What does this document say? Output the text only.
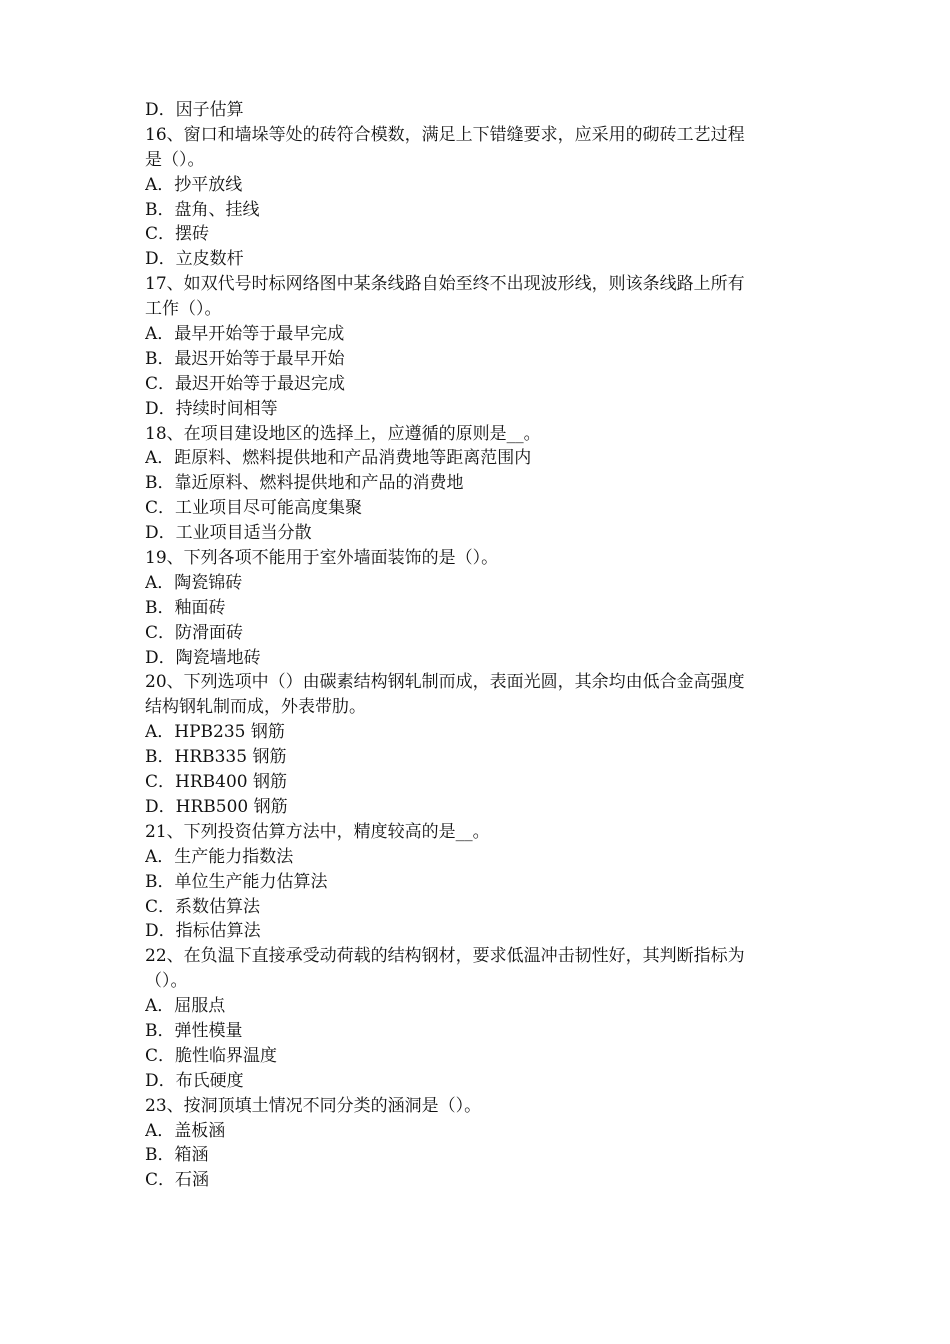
D．因子估算
16、窗口和墙垛等处的砖符合模数，满足上下错缝要求，应采用的砌砖工艺过程
是（）。
A．抄平放线
B．盘角、挂线
C．摆砖
D．立皮数杆
17、如双代号时标网络图中某条线路自始至终不出现波形线，则该条线路上所有
工作（）。
A．最早开始等于最早完成
B．最迟开始等于最早开始
C．最迟开始等于最迟完成
D．持续时间相等
18、在项目建设地区的选择上，应遵循的原则是__。
A．距原料、燃料提供地和产品消费地等距离范围内
B．靠近原料、燃料提供地和产品的消费地
C．工业项目尽可能高度集聚
D．工业项目适当分散
19、下列各项不能用于室外墙面装饰的是（）。
A．陶瓷锦砖
B．釉面砖
C．防滑面砖
D．陶瓷墙地砖
20、下列选项中（）由碳素结构钢轧制而成，表面光圆，其余均由低合金高强度
结构钢轧制而成，外表带肋。
A．HPB235 钢筋
B．HRB335 钢筋
C．HRB400 钢筋
D．HRB500 钢筋
21、下列投资估算方法中，精度较高的是__。
A．生产能力指数法
B．单位生产能力估算法
C．系数估算法
D．指标估算法
22、在负温下直接承受动荷载的结构钢材，要求低温冲击韧性好，其判断指标为
（）。
A．屈服点
B．弹性模量
C．脆性临界温度
D．布氏硬度
23、按洞顶填土情况不同分类的涵洞是（）。
A．盖板涵
B．箱涵
C．石涵
